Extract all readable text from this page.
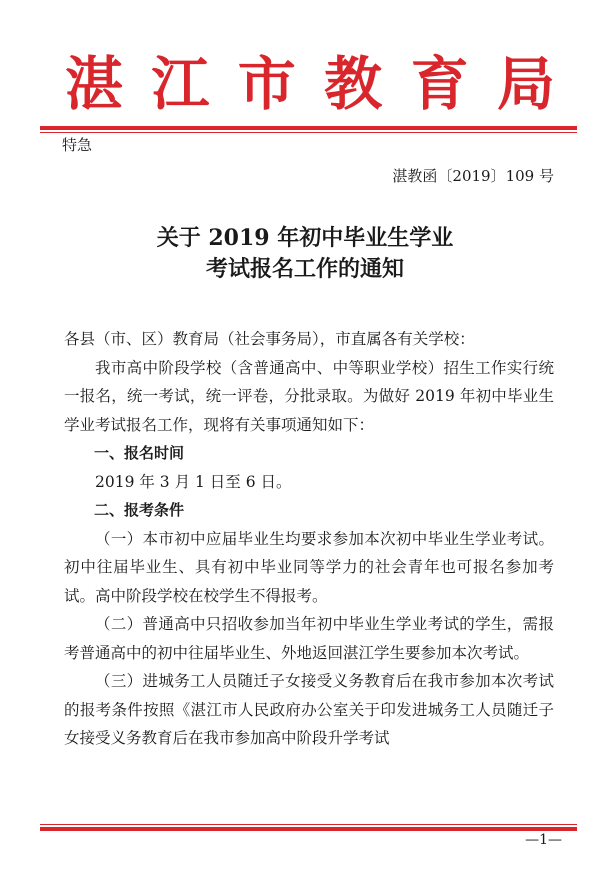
湛 江 市 教 育 局
特急
湛教函〔2019〕109 号
关于 2019 年初中毕业生学业
考试报名工作的通知

各县（市、区）教育局（社会事务局），市直属各有关学校：

我市高中阶段学校（含普通高中、中等职业学校）招生工作实行统一报名，统一考试，统一评卷，分批录取。为做好 2019 年初中毕业生学业考试报名工作，现将有关事项通知如下：

一、报名时间

2019 年 3 月 1 日至 6 日。

二、报考条件

（一）本市初中应届毕业生均要求参加本次初中毕业生学业考试。初中往届毕业生、具有初中毕业同等学力的社会青年也可报名参加考试。高中阶段学校在校学生不得报考。

（二）普通高中只招收参加当年初中毕业生学业考试的学生，需报考普通高中的初中往届毕业生、外地返回湛江学生要参加本次考试。

（三）进城务工人员随迁子女接受义务教育后在我市参加本次考试的报考条件按照《湛江市人民政府办公室关于印发进城务工人员随迁子女接受义务教育后在我市参加高中阶段升学考试

—1—
